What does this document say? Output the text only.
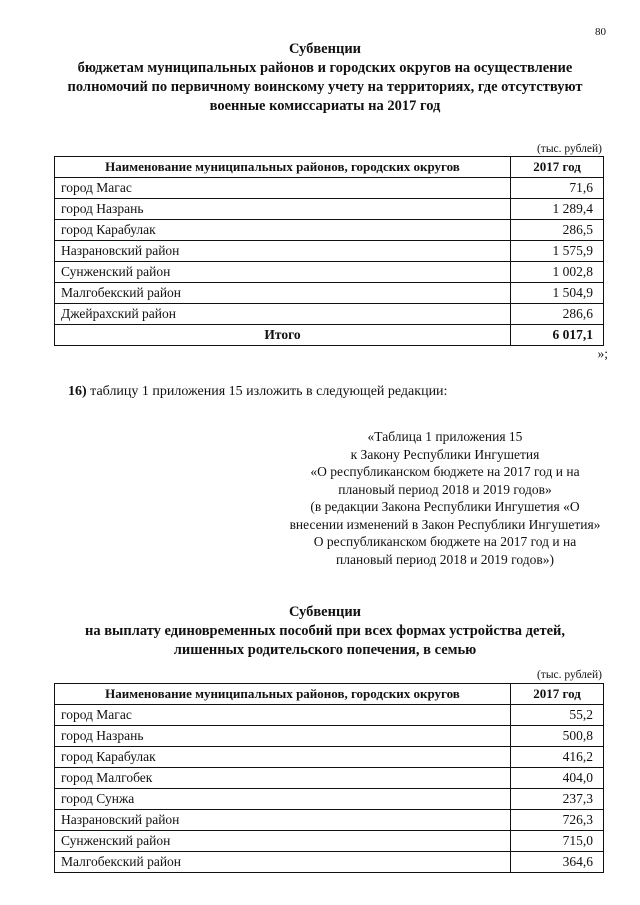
80
Субвенции
бюджетам муниципальных районов и городских округов на осуществление
полномочий по первичному воинскому учету на территориях, где отсутствуют
военные комиссариаты на 2017 год
(тыс. рублей)
Наименование муниципальных районов, городских округов	2017 год
город Магас	71,6
город Назрань	1 289,4
город Карабулак	286,5
Назрановский район	1 575,9
Сунженский район	1 002,8
Малгобекский район	1 504,9
Джейрахский район	286,6
Итого	6 017,1
»;
16) таблицу 1 приложения 15 изложить в следующей редакции:
«Таблица 1 приложения 15
к Закону Республики Ингушетия
«О республиканском бюджете на 2017 год и на
плановый период 2018 и 2019 годов»
(в редакции Закона Республики Ингушетия «О
внесении изменений в Закон Республики Ингушетия»
О республиканском бюджете на 2017 год и на
плановый период 2018 и 2019 годов»)
Субвенции
на выплату единовременных пособий при всех формах устройства детей,
лишенных родительского попечения, в семью
(тыс. рублей)
Наименование муниципальных районов, городских округов	2017 год
город Магас	55,2
город Назрань	500,8
город Карабулак	416,2
город Малгобек	404,0
город Сунжа	237,3
Назрановский район	726,3
Сунженский район	715,0
Малгобекский район	364,6
